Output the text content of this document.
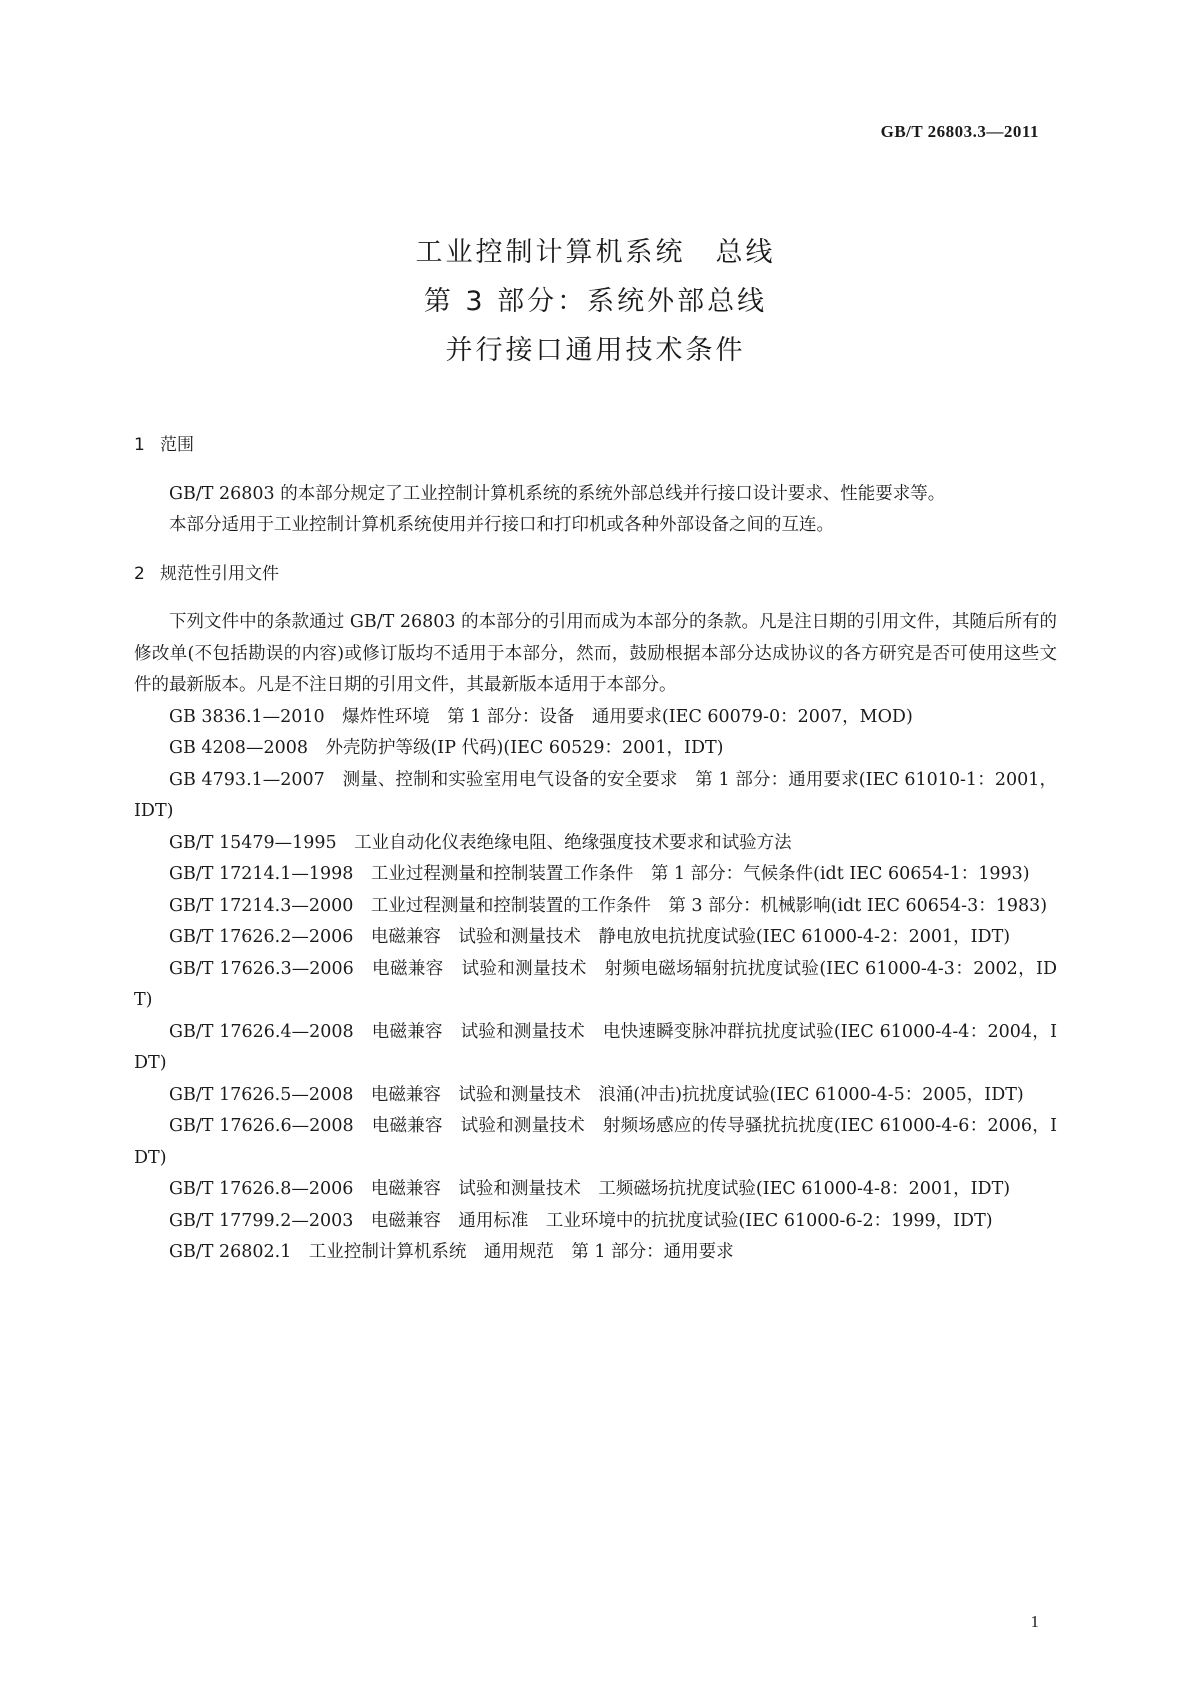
GB/T 26803.3—2011
工业控制计算机系统　总线
第 3 部分：系统外部总线
并行接口通用技术条件
1 范围

GB/T 26803 的本部分规定了工业控制计算机系统的系统外部总线并行接口设计要求、性能要求等。

本部分适用于工业控制计算机系统使用并行接口和打印机或各种外部设备之间的互连。

2 规范性引用文件

下列文件中的条款通过 GB/T 26803 的本部分的引用而成为本部分的条款。凡是注日期的引用文件，其随后所有的修改单(不包括勘误的内容)或修订版均不适用于本部分，然而，鼓励根据本部分达成协议的各方研究是否可使用这些文件的最新版本。凡是不注日期的引用文件，其最新版本适用于本部分。

GB 3836.1—2010　爆炸性环境　第 1 部分：设备　通用要求(IEC 60079-0：2007，MOD)

GB 4208—2008　外壳防护等级(IP 代码)(IEC 60529：2001，IDT)

GB 4793.1—2007　测量、控制和实验室用电气设备的安全要求　第 1 部分：通用要求(IEC 61010-1：2001，IDT)

GB/T 15479—1995　工业自动化仪表绝缘电阻、绝缘强度技术要求和试验方法

GB/T 17214.1—1998　工业过程测量和控制装置工作条件　第 1 部分：气候条件(idt IEC 60654-1：1993)

GB/T 17214.3—2000　工业过程测量和控制装置的工作条件　第 3 部分：机械影响(idt IEC 60654-3：1983)

GB/T 17626.2—2006　电磁兼容　试验和测量技术　静电放电抗扰度试验(IEC 61000-4-2：2001，IDT)

GB/T 17626.3—2006　电磁兼容　试验和测量技术　射频电磁场辐射抗扰度试验(IEC 61000-4-3：2002，IDT)

GB/T 17626.4—2008　电磁兼容　试验和测量技术　电快速瞬变脉冲群抗扰度试验(IEC 61000-4-4：2004，IDT)

GB/T 17626.5—2008　电磁兼容　试验和测量技术　浪涌(冲击)抗扰度试验(IEC 61000-4-5：2005，IDT)

GB/T 17626.6—2008　电磁兼容　试验和测量技术　射频场感应的传导骚扰抗扰度(IEC 61000-4-6：2006，IDT)

GB/T 17626.8—2006　电磁兼容　试验和测量技术　工频磁场抗扰度试验(IEC 61000-4-8：2001，IDT)

GB/T 17799.2—2003　电磁兼容　通用标准　工业环境中的抗扰度试验(IEC 61000-6-2：1999，IDT)

GB/T 26802.1　工业控制计算机系统　通用规范　第 1 部分：通用要求

1
